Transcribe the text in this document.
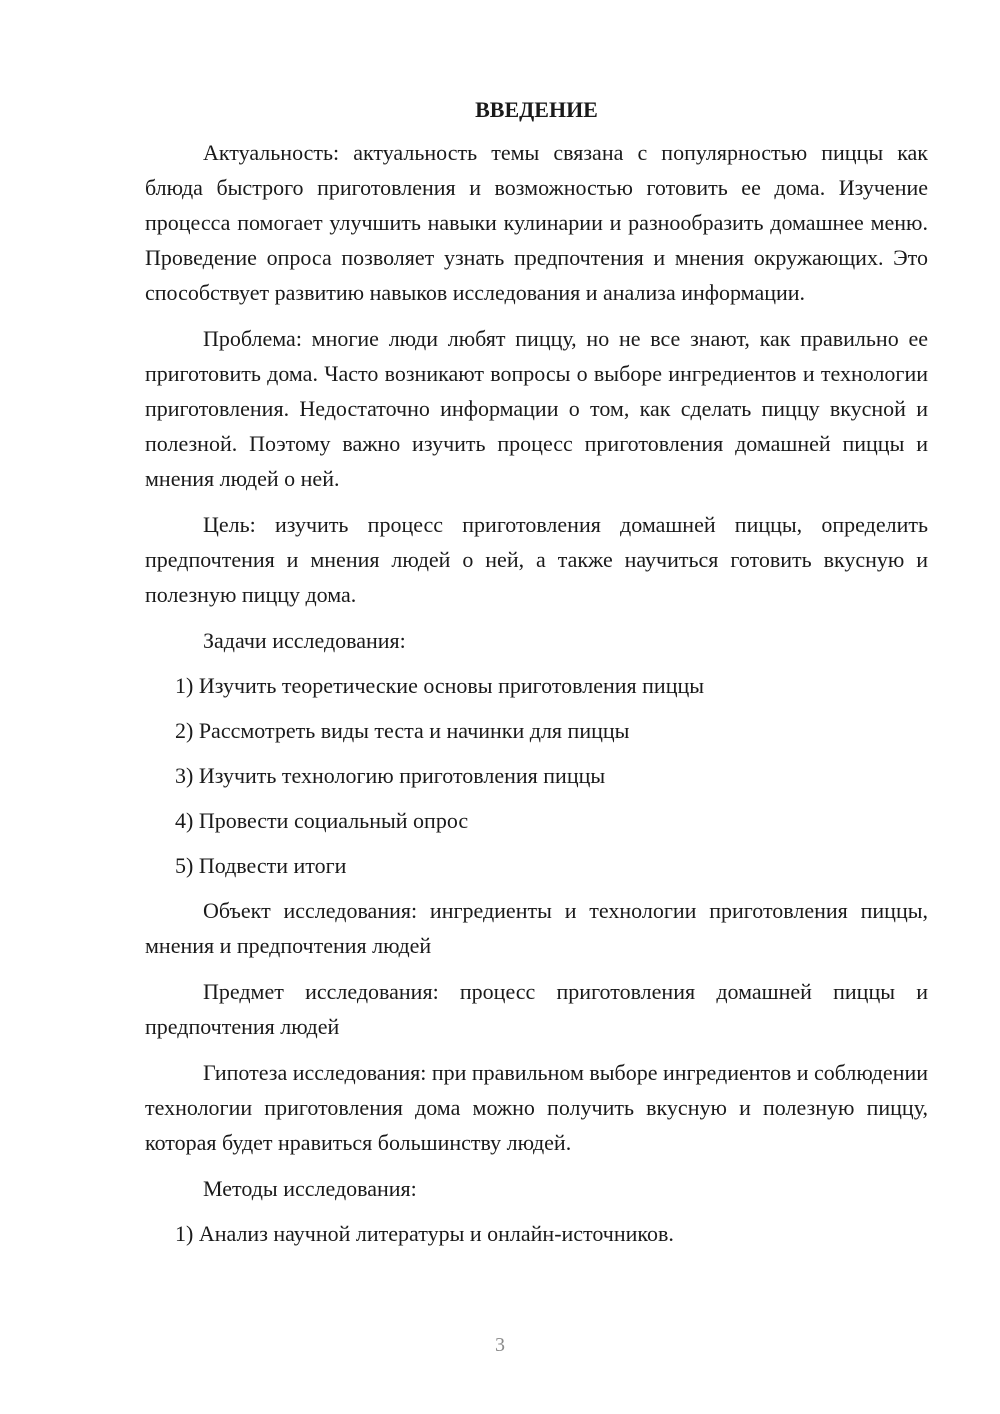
ВВЕДЕНИЕ

Актуальность: актуальность темы связана с популярностью пиццы как блюда быстрого приготовления и возможностью готовить ее дома. Изучение процесса помогает улучшить навыки кулинарии и разнообразить домашнее меню. Проведение опроса позволяет узнать предпочтения и мнения окружающих. Это способствует развитию навыков исследования и анализа информации.

Проблема: многие люди любят пиццу, но не все знают, как правильно ее приготовить дома. Часто возникают вопросы о выборе ингредиентов и технологии приготовления. Недостаточно информации о том, как сделать пиццу вкусной и полезной. Поэтому важно изучить процесс приготовления домашней пиццы и мнения людей о ней.

Цель: изучить процесс приготовления домашней пиццы, определить предпочтения и мнения людей о ней, а также научиться готовить вкусную и полезную пиццу дома.

Задачи исследования:
1) Изучить теоретические основы приготовления пиццы
2) Рассмотреть виды теста и начинки для пиццы
3) Изучить технологию приготовления пиццы
4) Провести социальный опрос
5) Подвести итоги

Объект исследования: ингредиенты и технологии приготовления пиццы, мнения и предпочтения людей

Предмет исследования: процесс приготовления домашней пиццы и предпочтения людей

Гипотеза исследования: при правильном выборе ингредиентов и соблюдении технологии приготовления дома можно получить вкусную и полезную пиццу, которая будет нравиться большинству людей.

Методы исследования:
1) Анализ научной литературы и онлайн-источников.
3
